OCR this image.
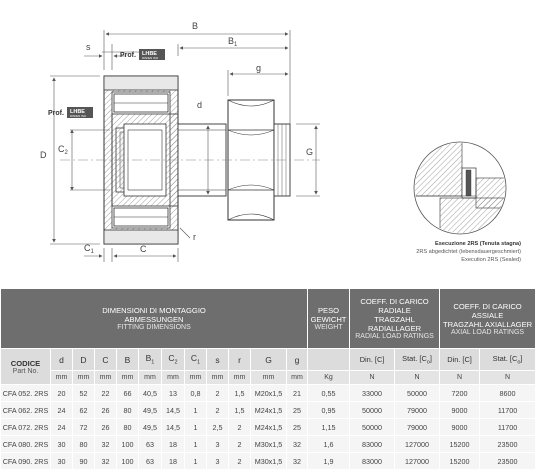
B
$B_1$
s
g
d
D
$C_2$	G
$C_1$	C
r
Prof. LHBE
DIN/EN ISO
Prof. LHBE
DIN/EN ISO
Esecuzione 2RS (Tenuta stagna)
2RS abgedichtet (lebensdauergeschmiert)
Execution 2RS (Sealed)
DIMENSIONI DI MONTAGGIO
ABMESSUNGEN
FITTING DIMENSIONS												PESO
GEWICHT
WEIGHT	COEFF. DI CARICO
RADIALE
TRAGZAHL RADIALLAGER
RADIAL LOAD RATINGS		COEFF. DI CARICO
ASSIALE
TRAGZAHL AXIALLAGER
AXIAL LOAD RATINGS	

CODICE
Part No.	d	D	C	B	$B_1$	$C_2$	$C_1$	s	r	G	g		Din. [C]	Stat. $[C_o]$	Din. [C]	Stat. $[C_o]$
	mm	mm	mm	mm	mm	mm	mm	mm	mm	mm	mm	Kg	N	N	N	N
CFA 052. 2RS	20	52	22	66	40,5	13	0,8	2	1,5	M20x1,5	21	0,55	33000	50000	7200	8600
CFA 062. 2RS	24	62	26	80	49,5	14,5	1	2	1,5	M24x1,5	25	0,95	50000	79000	9000	11700
CFA 072. 2RS	24	72	26	80	49,5	14,5	1	2,5	2	M24x1,5	25	1,15	50000	79000	9000	11700
CFA 080. 2RS	30	80	32	100	63	18	1	3	2	M30x1,5	32	1,6	83000	127000	15200	23500
CFA 090. 2RS	30	90	32	100	63	18	1	3	2	M30x1,5	32	1,9	83000	127000	15200	23500
